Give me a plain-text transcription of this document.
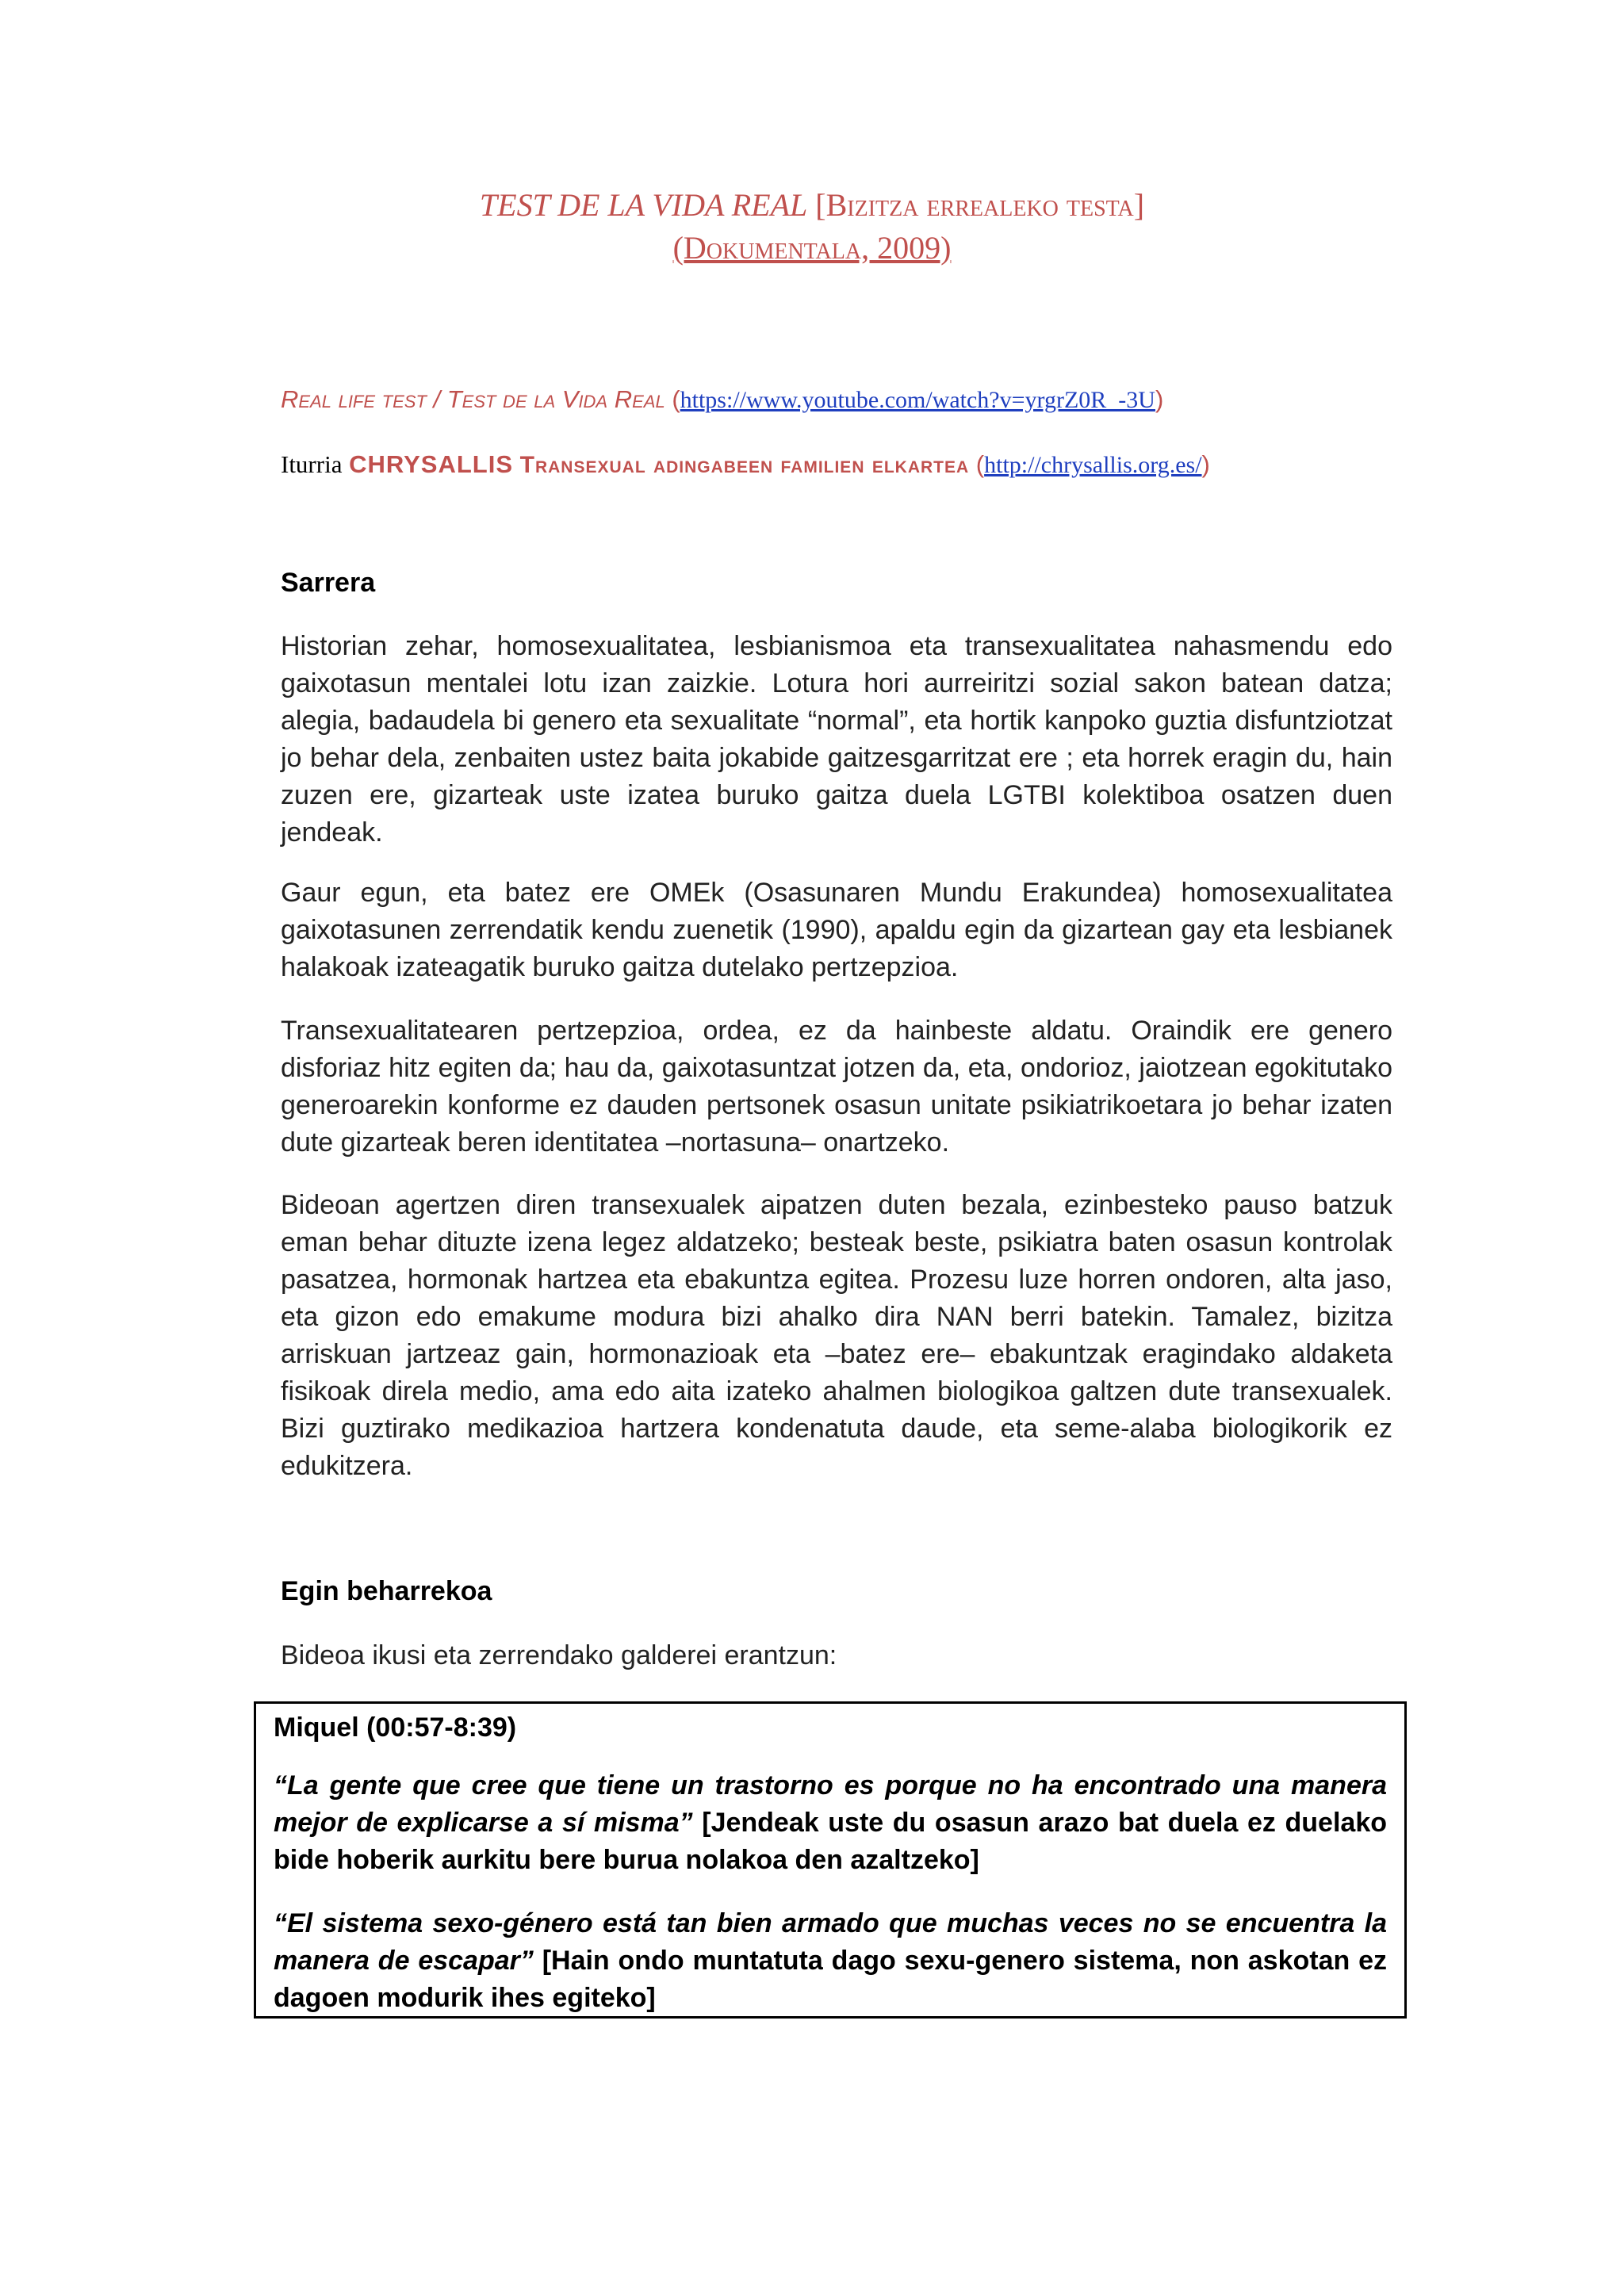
TEST DE LA VIDA REAL [Bizitza errealeko testa]
(Dokumentala, 2009)
Real life test / Test de la Vida Real (https://www.youtube.com/watch?v=yrgrZ0R_-3U)
Iturria CHRYSALLIS Transexual adingabeen familien elkartea (http://chrysallis.org.es/)
Sarrera
Historian zehar, homosexualitatea, lesbianismoa eta transexualitatea nahasmendu edo gaixotasun mentalei lotu izan zaizkie. Lotura hori aurreiritzi sozial sakon batean datza; alegia, badaudela bi genero eta sexualitate “normal”, eta hortik kanpoko guztia disfuntziotzat jo behar dela, zenbaiten ustez baita jokabide gaitzesgarritzat ere ; eta horrek eragin du, hain zuzen ere, gizarteak uste izatea buruko gaitza duela LGTBI kolektiboa osatzen duen jendeak.
Gaur egun, eta batez ere OMEk (Osasunaren Mundu Erakundea) homosexualitatea gaixotasunen zerrendatik kendu zuenetik (1990), apaldu egin da gizartean gay eta lesbianek halakoak izateagatik buruko gaitza dutelako pertzepzioa.
Transexualitatearen pertzepzioa, ordea, ez da hainbeste aldatu. Oraindik ere genero disforiaz hitz egiten da; hau da, gaixotasuntzat jotzen da, eta, ondorioz, jaiotzean egokitutako generoarekin konforme ez dauden pertsonek osasun unitate psikiatrikoetara jo behar izaten dute gizarteak beren identitatea –nortasuna– onartzeko.
Bideoan agertzen diren transexualek aipatzen duten bezala, ezinbesteko pauso batzuk eman behar dituzte izena legez aldatzeko; besteak beste, psikiatra baten osasun kontrolak pasatzea, hormonak hartzea eta ebakuntza egitea. Prozesu luze horren ondoren, alta jaso, eta gizon edo emakume modura bizi ahalko dira NAN berri batekin. Tamalez, bizitza arriskuan jartzeaz gain, hormonazioak eta –batez ere– ebakuntzak eragindako aldaketa fisikoak direla medio, ama edo aita izateko ahalmen biologikoa galtzen dute transexualek. Bizi guztirako medikazioa hartzera kondenatuta daude, eta seme-alaba biologikorik ez edukitzera.
Egin beharrekoa
Bideoa ikusi eta zerrendako galderei erantzun:
Miquel (00:57-8:39)
“La gente que cree que tiene un trastorno es porque no ha encontrado una manera mejor de explicarse a sí misma” [Jendeak uste du osasun arazo bat duela ez duelako bide hoberik aurkitu bere burua nolakoa den azaltzeko]
“El sistema sexo-género está tan bien armado que muchas veces no se encuentra la manera de escapar” [Hain ondo muntatuta dago sexu-genero sistema, non askotan ez dagoen modurik ihes egiteko]
